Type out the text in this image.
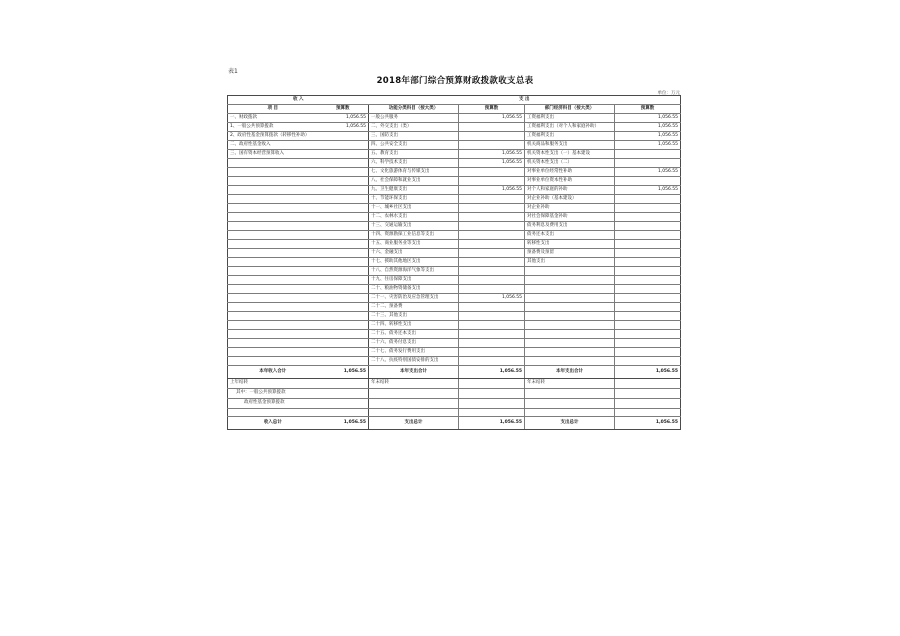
表1
2018年部门综合预算财政拨款收支总表
单位：万元
收 入		支 出			
项 目	预算数	功能分类科目（按大类）	预算数	部门经济科目（按大类）	预算数
一、财政拨款	1,056.55	一般公共服务	1,056.55	工资福利支出	1,056.55
1、一般公共预算拨款	1,056.55	二、外交支出（类）		工资福利支出（对个人和家庭补助）	1,056.55
2、政府性基金预算拨款（转移性补助）		三、国防支出		工资福利支出	1,056.55
二、政府性基金收入		四、公共安全支出		机关商品和服务支出	1,056.55
三、国有资本经营预算收入		五、教育支出	1,056.55	机关资本性支出（一）基本建设	
		六、科学技术支出	1,056.55	机关资本性支出（二）	
		七、文化旅游体育与传媒支出		对事业单位经常性补助	1,056.55
		八、社会保障和就业支出		对事业单位资本性补助	
		九、卫生健康支出	1,056.55	对个人和家庭的补助	1,056.55
		十、节能环保支出		对企业补助（基本建设）	
		十一、城乡社区支出		对企业补助	
		十二、农林水支出		对社会保障基金补助	
		十三、交通运输支出		债务利息及费用支出	
		十四、资源勘探工业信息等支出		债务还本支出	
		十五、商业服务业等支出		转移性支出	
		十六、金融支出		预备费及预留	
		十七、援助其他地区支出		其他支出	
		十八、自然资源海洋气象等支出			
		十九、住房保障支出			
		二十、粮油物资储备支出			
		二十一、灾害防治及应急管理支出	1,056.55		
		二十二、预备费			
		二十三、其他支出			
		二十四、转移性支出			
		二十五、债务还本支出			
		二十六、债务付息支出			
		二十七、债务发行费用支出			
		二十八、抗疫特别国债安排的支出			
本年收入合计	1,056.55	本年支出合计	1,056.55	本年支出合计	1,056.55
上年结转		年末结转		年末结转	
其中：一般公共预算拨款					
政府性基金预算拨款					

收入总计	1,056.55	支出总计	1,056.55	支出总计	1,056.55
